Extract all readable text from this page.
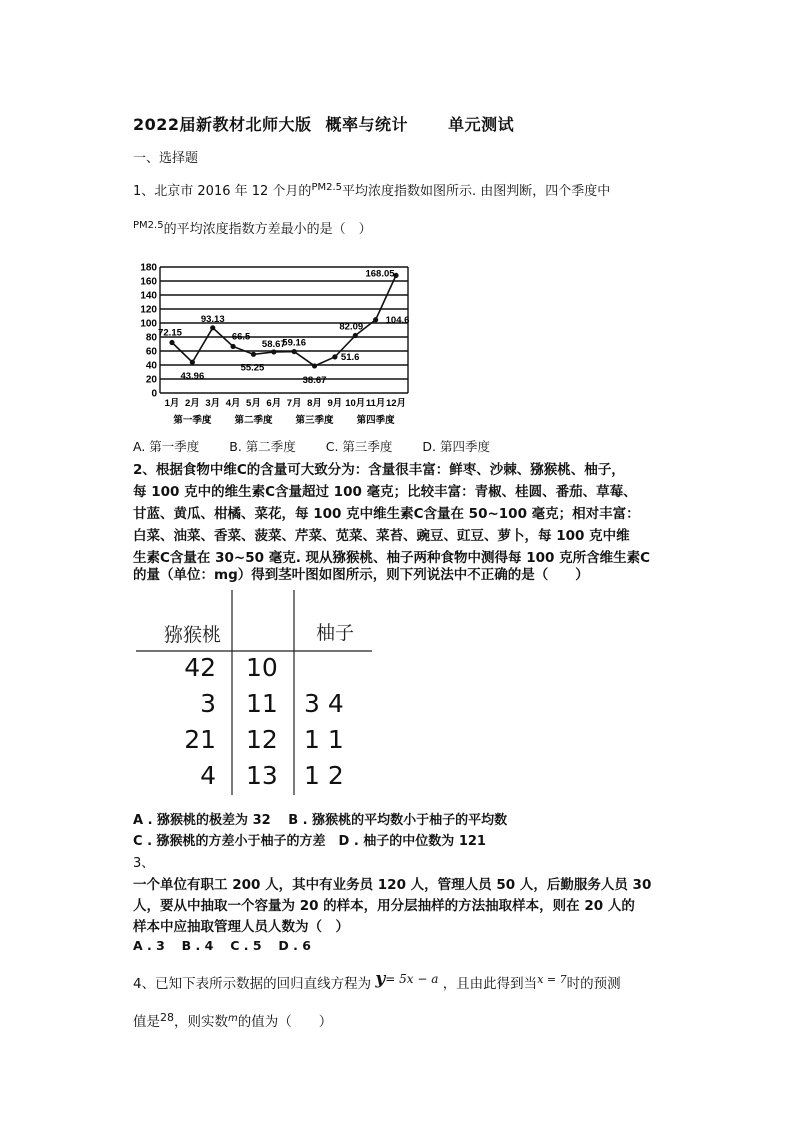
2022届新教材北师大版 概率与统计	单元测试
一、选择题
1、北京市 2016 年 12 个月的$^{PM2.5}$平均浓度指数如图所示. 由图判断，四个季度中
$^{PM2.5}$的平均浓度指数方差最小的是（　）
0
20
40
60
80
100
120
140
160
180
72.15
43.96
93.13
66.5
55.25
58.67
59.16
38.67
51.6
82.09
104.6
168.05
1月 2月 3月 4月 5月 6月 7月 8月 9月 10月 11月 12月
第一季度 第二季度 第三季度 第四季度
A. 第一季度 B. 第二季度 C. 第三季度 D. 第四季度
2、根据食物中维C的含量可大致分为：含量很丰富：鲜枣、沙棘、猕猴桃、柚子，
每 100 克中的维生素C含量超过 100 毫克；比较丰富：青椒、桂圆、番茄、草莓、
甘蓝、黄瓜、柑橘、菜花，每 100 克中维生素C含量在 50~100 毫克；相对丰富：
白菜、油菜、香菜、菠菜、芹菜、苋菜、菜苔、豌豆、豇豆、萝卜，每 100 克中维
生素C含量在 30~50 毫克. 现从猕猴桃、柚子两种食物中测得每 100 克所含维生素C
的量（单位：mg）得到茎叶图如图所示，则下列说法中不正确的是（　　）
猕猴桃	柚子
42 10
3 11 3 4
21 12 1 1
4 13 1 2
A . 猕猴桃的极差为 32　 B . 猕猴桃的平均数小于柚子的平均数
C . 猕猴桃的方差小于柚子的方差　D . 柚子的中位数为 121
3、
一个单位有职工 200 人，其中有业务员 120 人，管理人员 50 人，后勤服务人员 30
人，要从中抽取一个容量为 20 的样本，用分层抽样的方法抽取样本，则在 20 人的
样本中应抽取管理人员人数为（　）
A . 3　 B . 4　 C . 5　 D . 6
4、已知下表所示数据的回归直线方程为 y= 5x − a ，且由此得到当$^{x = 7}$时的预测
值是$^{28}$，则实数$^m$的值为（　　）
